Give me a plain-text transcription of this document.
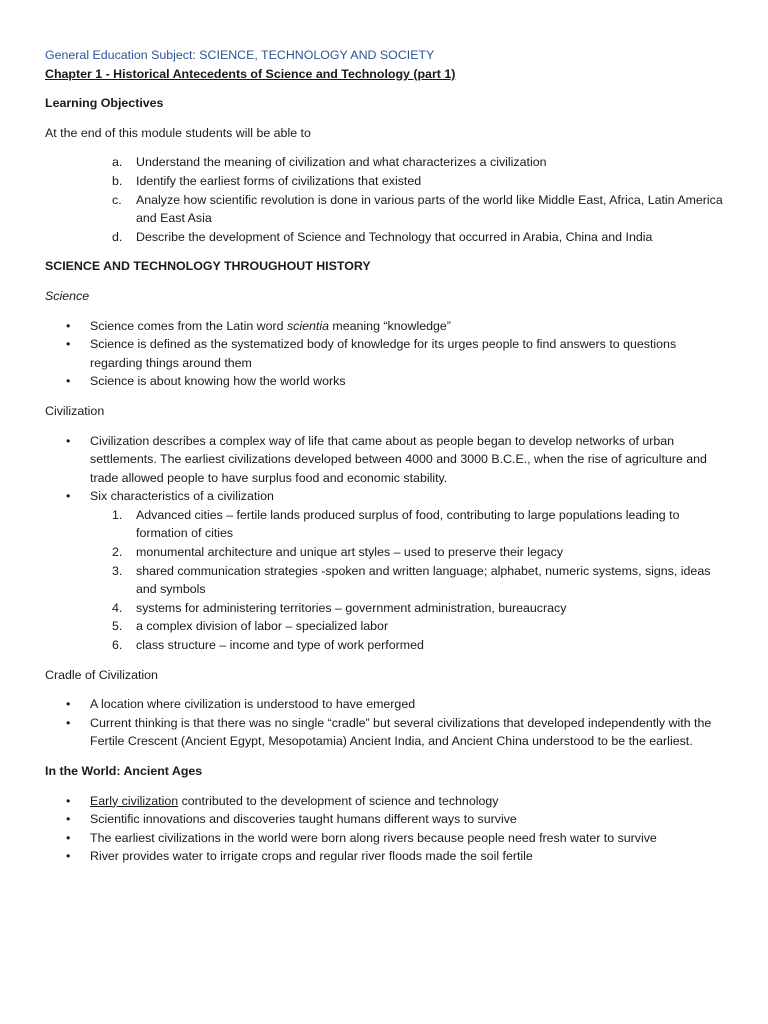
General Education Subject: SCIENCE, TECHNOLOGY AND SOCIETY

Chapter 1 - Historical Antecedents of Science and Technology (part 1)

Learning Objectives

At the end of this module students will be able to

a. Understand the meaning of civilization and what characterizes a civilization
b. Identify the earliest forms of civilizations that existed
c. Analyze how scientific revolution is done in various parts of the world like Middle East, Africa, Latin America and East Asia
d. Describe the development of Science and Technology that occurred in Arabia, China and India

SCIENCE AND TECHNOLOGY THROUGHOUT HISTORY

Science

• Science comes from the Latin word scientia meaning “knowledge”
• Science is defined as the systematized body of knowledge for its urges people to find answers to questions regarding things around them
• Science is about knowing how the world works

Civilization

• Civilization describes a complex way of life that came about as people began to develop networks of urban settlements. The earliest civilizations developed between 4000 and 3000 B.C.E., when the rise of agriculture and trade allowed people to have surplus food and economic stability.
• Six characteristics of a civilization
1. Advanced cities – fertile lands produced surplus of food, contributing to large populations leading to formation of cities
2. monumental architecture and unique art styles – used to preserve their legacy
3. shared communication strategies -spoken and written language; alphabet, numeric systems, signs, ideas and symbols
4. systems for administering territories – government administration, bureaucracy
5. a complex division of labor – specialized labor
6. class structure – income and type of work performed

Cradle of Civilization

• A location where civilization is understood to have emerged
• Current thinking is that there was no single “cradle” but several civilizations that developed independently with the Fertile Crescent (Ancient Egypt, Mesopotamia) Ancient India, and Ancient China understood to be the earliest.

In the World: Ancient Ages

• Early civilization contributed to the development of science and technology
• Scientific innovations and discoveries taught humans different ways to survive
• The earliest civilizations in the world were born along rivers because people need fresh water to survive
• River provides water to irrigate crops and regular river floods made the soil fertile
